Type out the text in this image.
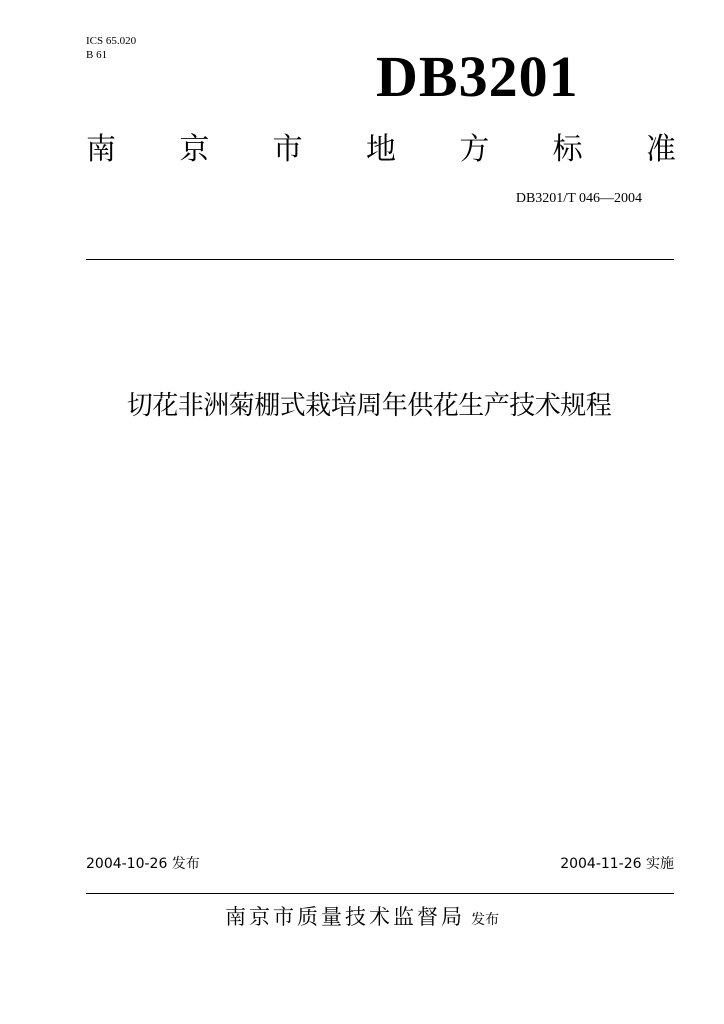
ICS 65.020
B 61	DB3201
南 京 市 地 方 标 准
DB3201/T 046—2004
切花非洲菊棚式栽培周年供花生产技术规程
2004-10-26 发布	2004-11-26 实施
南京市质量技术监督局 发布
